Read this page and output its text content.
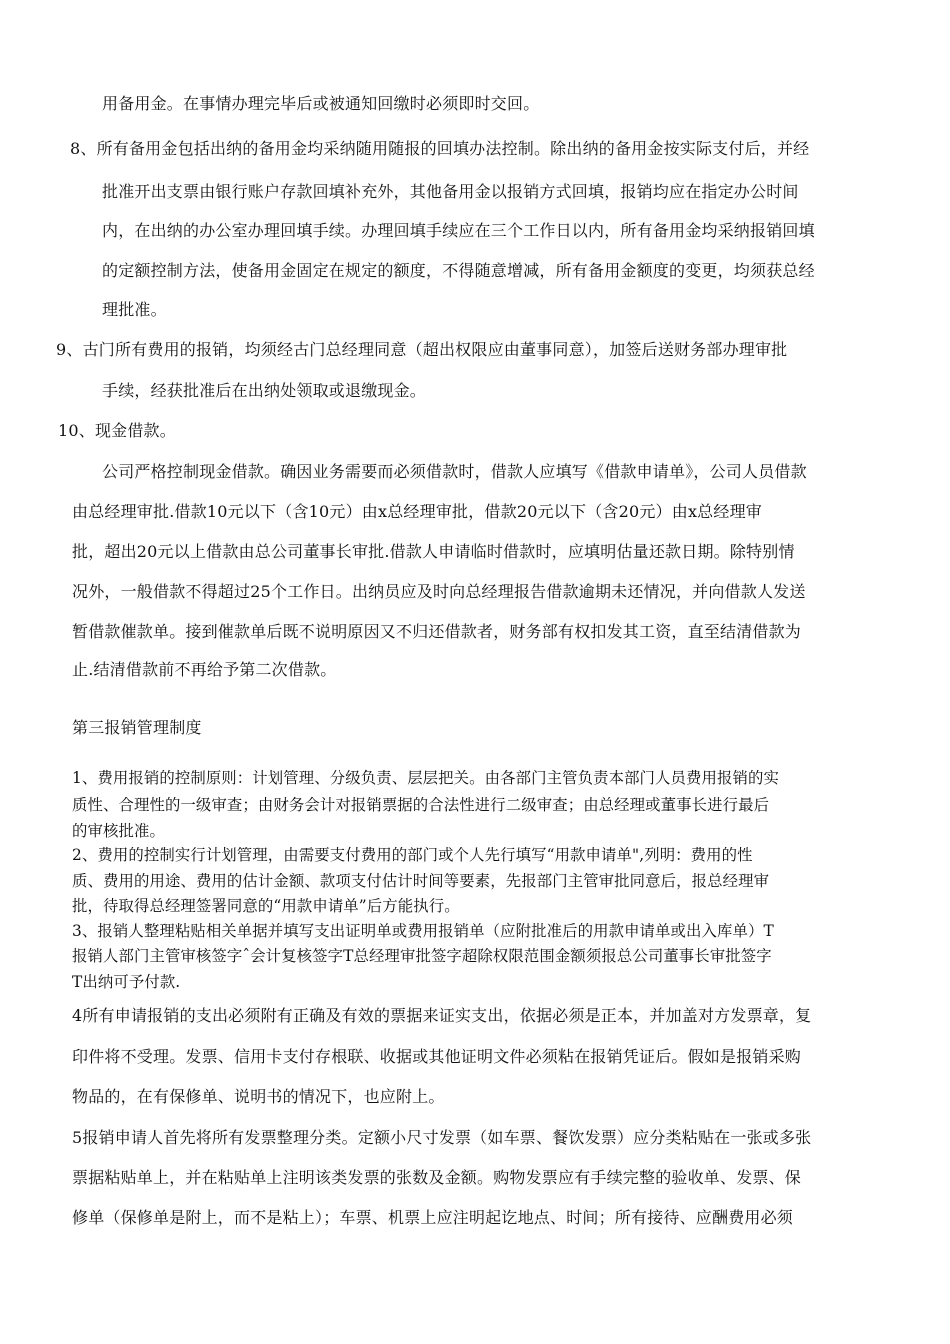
用备用金。在事情办理完毕后或被通知回缴时必须即时交回。
8、所有备用金包括出纳的备用金均采纳随用随报的回填办法控制。除出纳的备用金按实际支付后，并经
批准开出支票由银行账户存款回填补充外，其他备用金以报销方式回填，报销均应在指定办公时间
内，在出纳的办公室办理回填手续。办理回填手续应在三个工作日以内，所有备用金均采纳报销回填
的定额控制方法，使备用金固定在规定的额度，不得随意增减，所有备用金额度的变更，均须获总经
理批准。
9、古门所有费用的报销，均须经古门总经理同意（超出权限应由董事同意），加签后送财务部办理审批
手续，经获批准后在出纳处领取或退缴现金。
10、现金借款。
公司严格控制现金借款。确因业务需要而必须借款时，借款人应填写《借款申请单》，公司人员借款
由总经理审批.借款10元以下（含10元）由x总经理审批，借款20元以下（含20元）由x总经理审
批，超出20元以上借款由总公司董事长审批.借款人申请临时借款时，应填明估量还款日期。除特别情
况外，一般借款不得超过25个工作日。出纳员应及时向总经理报告借款逾期未还情况，并向借款人发送
暂借款催款单。接到催款单后既不说明原因又不归还借款者，财务部有权扣发其工资，直至结清借款为
止.结清借款前不再给予第二次借款。
第三报销管理制度
1、费用报销的控制原则：计划管理、分级负责、层层把关。由各部门主管负责本部门人员费用报销的实
质性、合理性的一级审查；由财务会计对报销票据的合法性进行二级审查；由总经理或董事长进行最后
的审核批准。
2、费用的控制实行计划管理，由需要支付费用的部门或个人先行填写“用款申请单",列明：费用的性
质、费用的用途、费用的估计金额、款项支付估计时间等要素，先报部门主管审批同意后，报总经理审
批，待取得总经理签署同意的“用款申请单”后方能执行。
3、报销人整理粘贴相关单据并填写支出证明单或费用报销单（应附批准后的用款申请单或出入库单）T
报销人部门主管审核签字ˆ会计复核签字T总经理审批签字超除权限范围金额须报总公司董事长审批签字
T出纳可予付款.
4所有申请报销的支出必须附有正确及有效的票据来证实支出，依据必须是正本，并加盖对方发票章，复
印件将不受理。发票、信用卡支付存根联、收据或其他证明文件必须粘在报销凭证后。假如是报销采购
物品的，在有保修单、说明书的情况下，也应附上。
5报销申请人首先将所有发票整理分类。定额小尺寸发票（如车票、餐饮发票）应分类粘贴在一张或多张
票据粘贴单上，并在粘贴单上注明该类发票的张数及金额。购物发票应有手续完整的验收单、发票、保
修单（保修单是附上，而不是粘上）；车票、机票上应注明起讫地点、时间；所有接待、应酬费用必须
